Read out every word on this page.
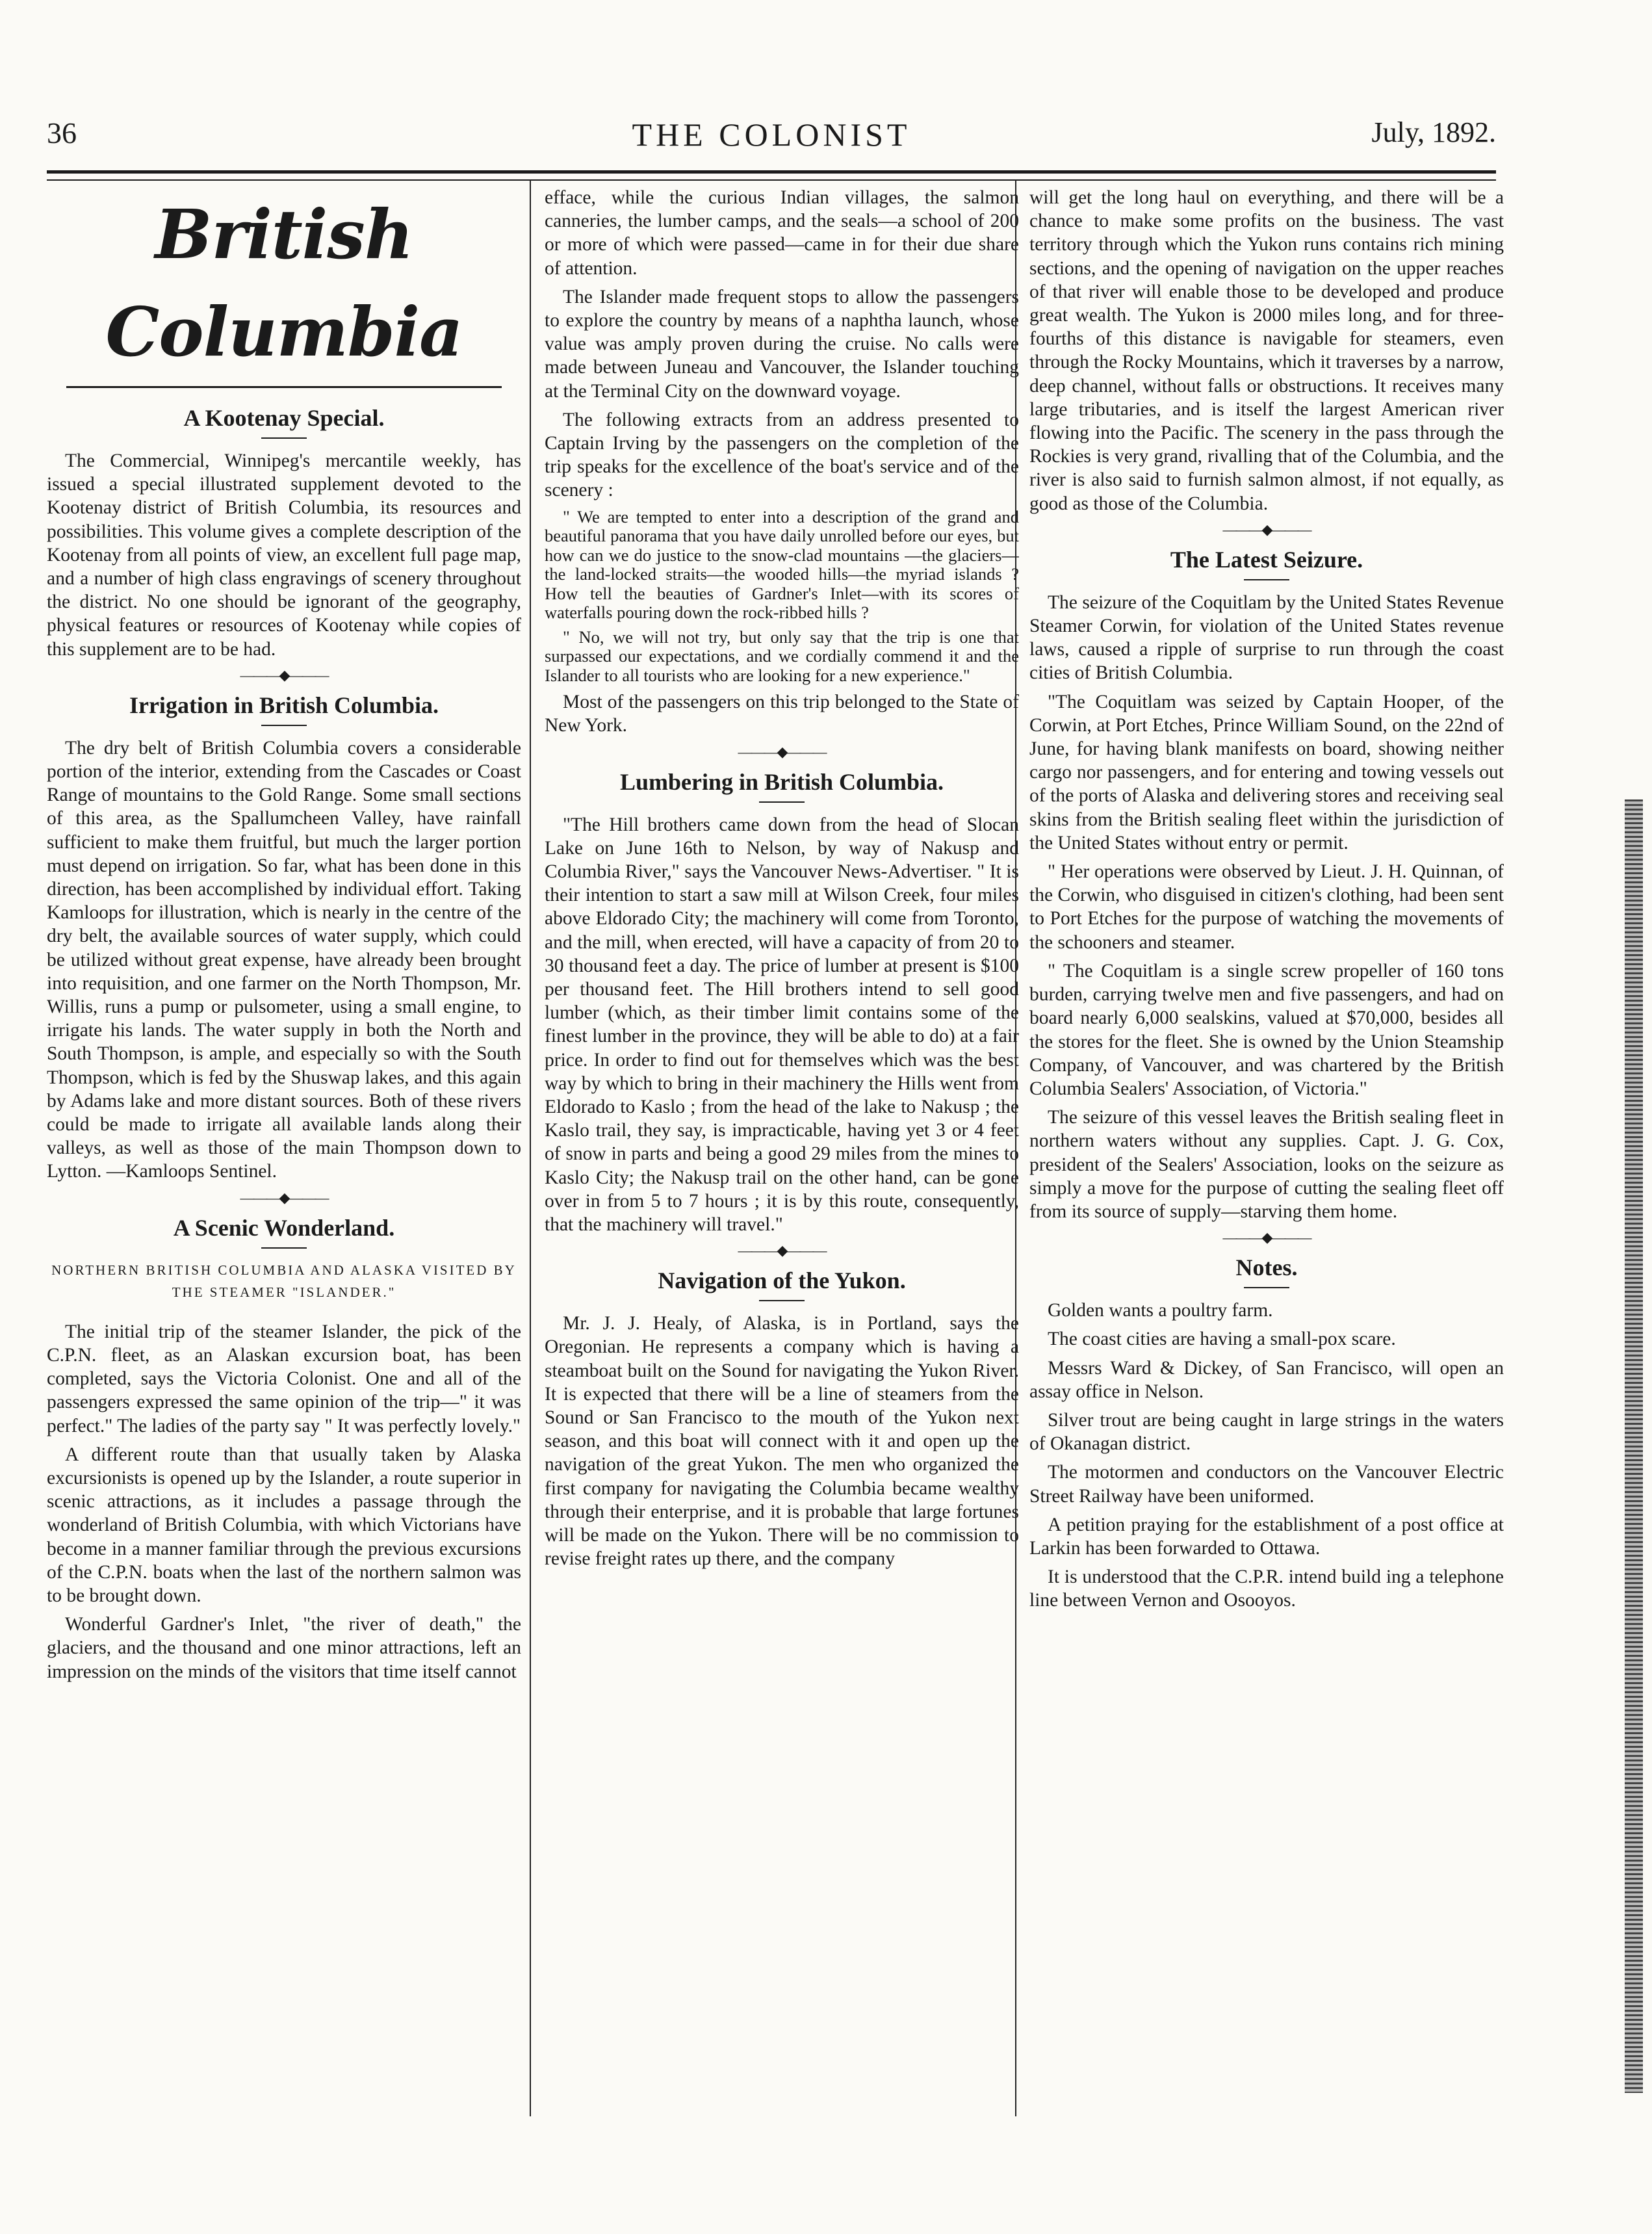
36	THE COLONIST	July, 1892.
British Columbia
A Kootenay Special.

The Commercial, Winnipeg's mercantile weekly, has issued a special illustrated supplement devoted to the Kootenay district of British Columbia, its resources and possibilities. This volume gives a complete description of the Kootenay from all points of view, an excellent full page map, and a number of high class engravings of scenery throughout the district. No one should be ignorant of the geography, physical features or resources of Kootenay while copies of this supplement are to be had.

———◆———
Irrigation in British Columbia.

The dry belt of British Columbia covers a considerable portion of the interior, extending from the Cascades or Coast Range of mountains to the Gold Range. Some small sections of this area, as the Spallumcheen Valley, have rainfall sufficient to make them fruitful, but much the larger portion must depend on irrigation. So far, what has been done in this direction, has been accomplished by individual effort. Taking Kamloops for illustration, which is nearly in the centre of the dry belt, the available sources of water supply, which could be utilized without great expense, have already been brought into requisition, and one farmer on the North Thompson, Mr. Willis, runs a pump or pulsometer, using a small engine, to irrigate his lands. The water supply in both the North and South Thompson, is ample, and especially so with the South Thompson, which is fed by the Shuswap lakes, and this again by Adams lake and more distant sources. Both of these rivers could be made to irrigate all available lands along their valleys, as well as those of the main Thompson down to Lytton. —Kamloops Sentinel.

———◆———
A Scenic Wonderland.
NORTHERN BRITISH COLUMBIA AND ALASKA VISITED BY THE STEAMER "ISLANDER."

The initial trip of the steamer Islander, the pick of the C.P.N. fleet, as an Alaskan excursion boat, has been completed, says the Victoria Colonist. One and all of the passengers expressed the same opinion of the trip—" it was perfect." The ladies of the party say " It was perfectly lovely."

A different route than that usually taken by Alaska excursionists is opened up by the Islander, a route superior in scenic attractions, as it includes a passage through the wonderland of British Columbia, with which Victorians have become in a manner familiar through the previous excursions of the C.P.N. boats when the last of the northern salmon was to be brought down.

Wonderful Gardner's Inlet, "the river of death," the glaciers, and the thousand and one minor attractions, left an impression on the minds of the visitors that time itself cannot

efface, while the curious Indian villages, the salmon canneries, the lumber camps, and the seals—a school of 200 or more of which were passed—came in for their due share of attention.

The Islander made frequent stops to allow the passengers to explore the country by means of a naphtha launch, whose value was amply proven during the cruise. No calls were made between Juneau and Vancouver, the Islander touching at the Terminal City on the downward voyage.

The following extracts from an address presented to Captain Irving by the passengers on the completion of the trip speaks for the excellence of the boat's service and of the scenery :

" We are tempted to enter into a description of the grand and beautiful panorama that you have daily unrolled before our eyes, but how can we do justice to the snow-clad mountains —the glaciers—the land-locked straits—the wooded hills—the myriad islands ? How tell the beauties of Gardner's Inlet—with its scores of waterfalls pouring down the rock-ribbed hills ?

" No, we will not try, but only say that the trip is one that surpassed our expectations, and we cordially commend it and the Islander to all tourists who are looking for a new experience."

Most of the passengers on this trip belonged to the State of New York.

———◆———
Lumbering in British Columbia.

"The Hill brothers came down from the head of Slocan Lake on June 16th to Nelson, by way of Nakusp and Columbia River," says the Vancouver News-Advertiser. " It is their intention to start a saw mill at Wilson Creek, four miles above Eldorado City; the machinery will come from Toronto, and the mill, when erected, will have a capacity of from 20 to 30 thousand feet a day. The price of lumber at present is $100 per thousand feet. The Hill brothers intend to sell good lumber (which, as their timber limit contains some of the finest lumber in the province, they will be able to do) at a fair price. In order to find out for themselves which was the best way by which to bring in their machinery the Hills went from Eldorado to Kaslo ; from the head of the lake to Nakusp ; the Kaslo trail, they say, is impracticable, having yet 3 or 4 feet of snow in parts and being a good 29 miles from the mines to Kaslo City; the Nakusp trail on the other hand, can be gone over in from 5 to 7 hours ; it is by this route, consequently, that the machinery will travel."

———◆———
Navigation of the Yukon.

Mr. J. J. Healy, of Alaska, is in Portland, says the Oregonian. He represents a company which is having a steamboat built on the Sound for navigating the Yukon River. It is expected that there will be a line of steamers from the Sound or San Francisco to the mouth of the Yukon next season, and this boat will connect with it and open up the navigation of the great Yukon. The men who organized the first company for navigating the Columbia became wealthy through their enterprise, and it is probable that large fortunes will be made on the Yukon. There will be no commission to revise freight rates up there, and the company

will get the long haul on everything, and there will be a chance to make some profits on the business. The vast territory through which the Yukon runs contains rich mining sections, and the opening of navigation on the upper reaches of that river will enable those to be developed and produce great wealth. The Yukon is 2000 miles long, and for three-fourths of this distance is navigable for steamers, even through the Rocky Mountains, which it traverses by a narrow, deep channel, without falls or obstructions. It receives many large tributaries, and is itself the largest American river flowing into the Pacific. The scenery in the pass through the Rockies is very grand, rivalling that of the Columbia, and the river is also said to furnish salmon almost, if not equally, as good as those of the Columbia.

———◆———
The Latest Seizure.

The seizure of the Coquitlam by the United States Revenue Steamer Corwin, for violation of the United States revenue laws, caused a ripple of surprise to run through the coast cities of British Columbia.

"The Coquitlam was seized by Captain Hooper, of the Corwin, at Port Etches, Prince William Sound, on the 22nd of June, for having blank manifests on board, showing neither cargo nor passengers, and for entering and towing vessels out of the ports of Alaska and delivering stores and receiving seal skins from the British sealing fleet within the jurisdiction of the United States without entry or permit.

" Her operations were observed by Lieut. J. H. Quinnan, of the Corwin, who disguised in citizen's clothing, had been sent to Port Etches for the purpose of watching the movements of the schooners and steamer.

" The Coquitlam is a single screw propeller of 160 tons burden, carrying twelve men and five passengers, and had on board nearly 6,000 sealskins, valued at $70,000, besides all the stores for the fleet. She is owned by the Union Steamship Company, of Vancouver, and was chartered by the British Columbia Sealers' Association, of Victoria."

The seizure of this vessel leaves the British sealing fleet in northern waters without any supplies. Capt. J. G. Cox, president of the Sealers' Association, looks on the seizure as simply a move for the purpose of cutting the sealing fleet off from its source of supply—starving them home.

———◆———
Notes.

Golden wants a poultry farm.

The coast cities are having a small-pox scare.

Messrs Ward & Dickey, of San Francisco, will open an assay office in Nelson.

Silver trout are being caught in large strings in the waters of Okanagan district.

The motormen and conductors on the Vancouver Electric Street Railway have been uniformed.

A petition praying for the establishment of a post office at Larkin has been forwarded to Ottawa.

It is understood that the C.P.R. intend build ing a telephone line between Vernon and Osooyos.
